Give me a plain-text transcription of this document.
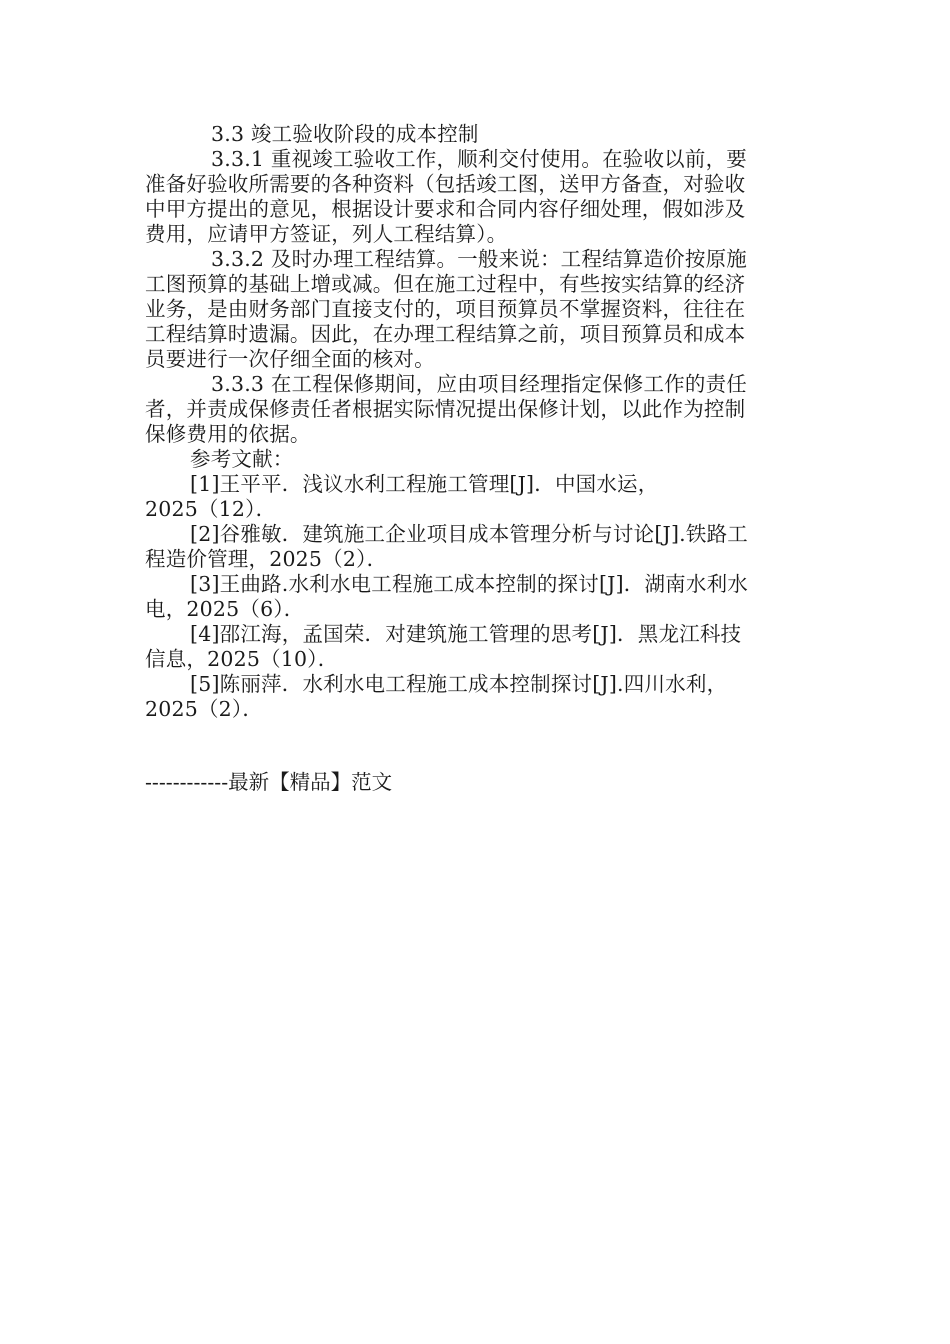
3.3 竣工验收阶段的成本控制
3.3.1 重视竣工验收工作，顺利交付使用。在验收以前，要
准备好验收所需要的各种资料（包括竣工图，送甲方备查，对验收
中甲方提出的意见，根据设计要求和合同内容仔细处理，假如涉及
费用，应请甲方签证，列人工程结算）。
3.3.2 及时办理工程结算。一般来说：工程结算造价按原施
工图预算的基础上增或减。但在施工过程中，有些按实结算的经济
业务，是由财务部门直接支付的，项目预算员不掌握资料，往往在
工程结算时遗漏。因此，在办理工程结算之前，项目预算员和成本
员要进行一次仔细全面的核对。
3.3.3 在工程保修期间，应由项目经理指定保修工作的责任
者，并责成保修责任者根据实际情况提出保修计划，以此作为控制
保修费用的依据。
参考文献：
[1]王平平．浅议水利工程施工管理[J]．中国水运，
2025（12）．
[2]谷雅敏．建筑施工企业项目成本管理分析与讨论[J].铁路工
程造价管理，2025（2）．
[3]王曲路.水利水电工程施工成本控制的探讨[J]．湖南水利水
电，2025（6）．
[4]邵江海，孟国荣．对建筑施工管理的思考[J]．黑龙江科技
信息，2025（10）．
[5]陈丽萍．水利水电工程施工成本控制探讨[J].四川水利，
2025（2）．
------------最新【精品】范文
